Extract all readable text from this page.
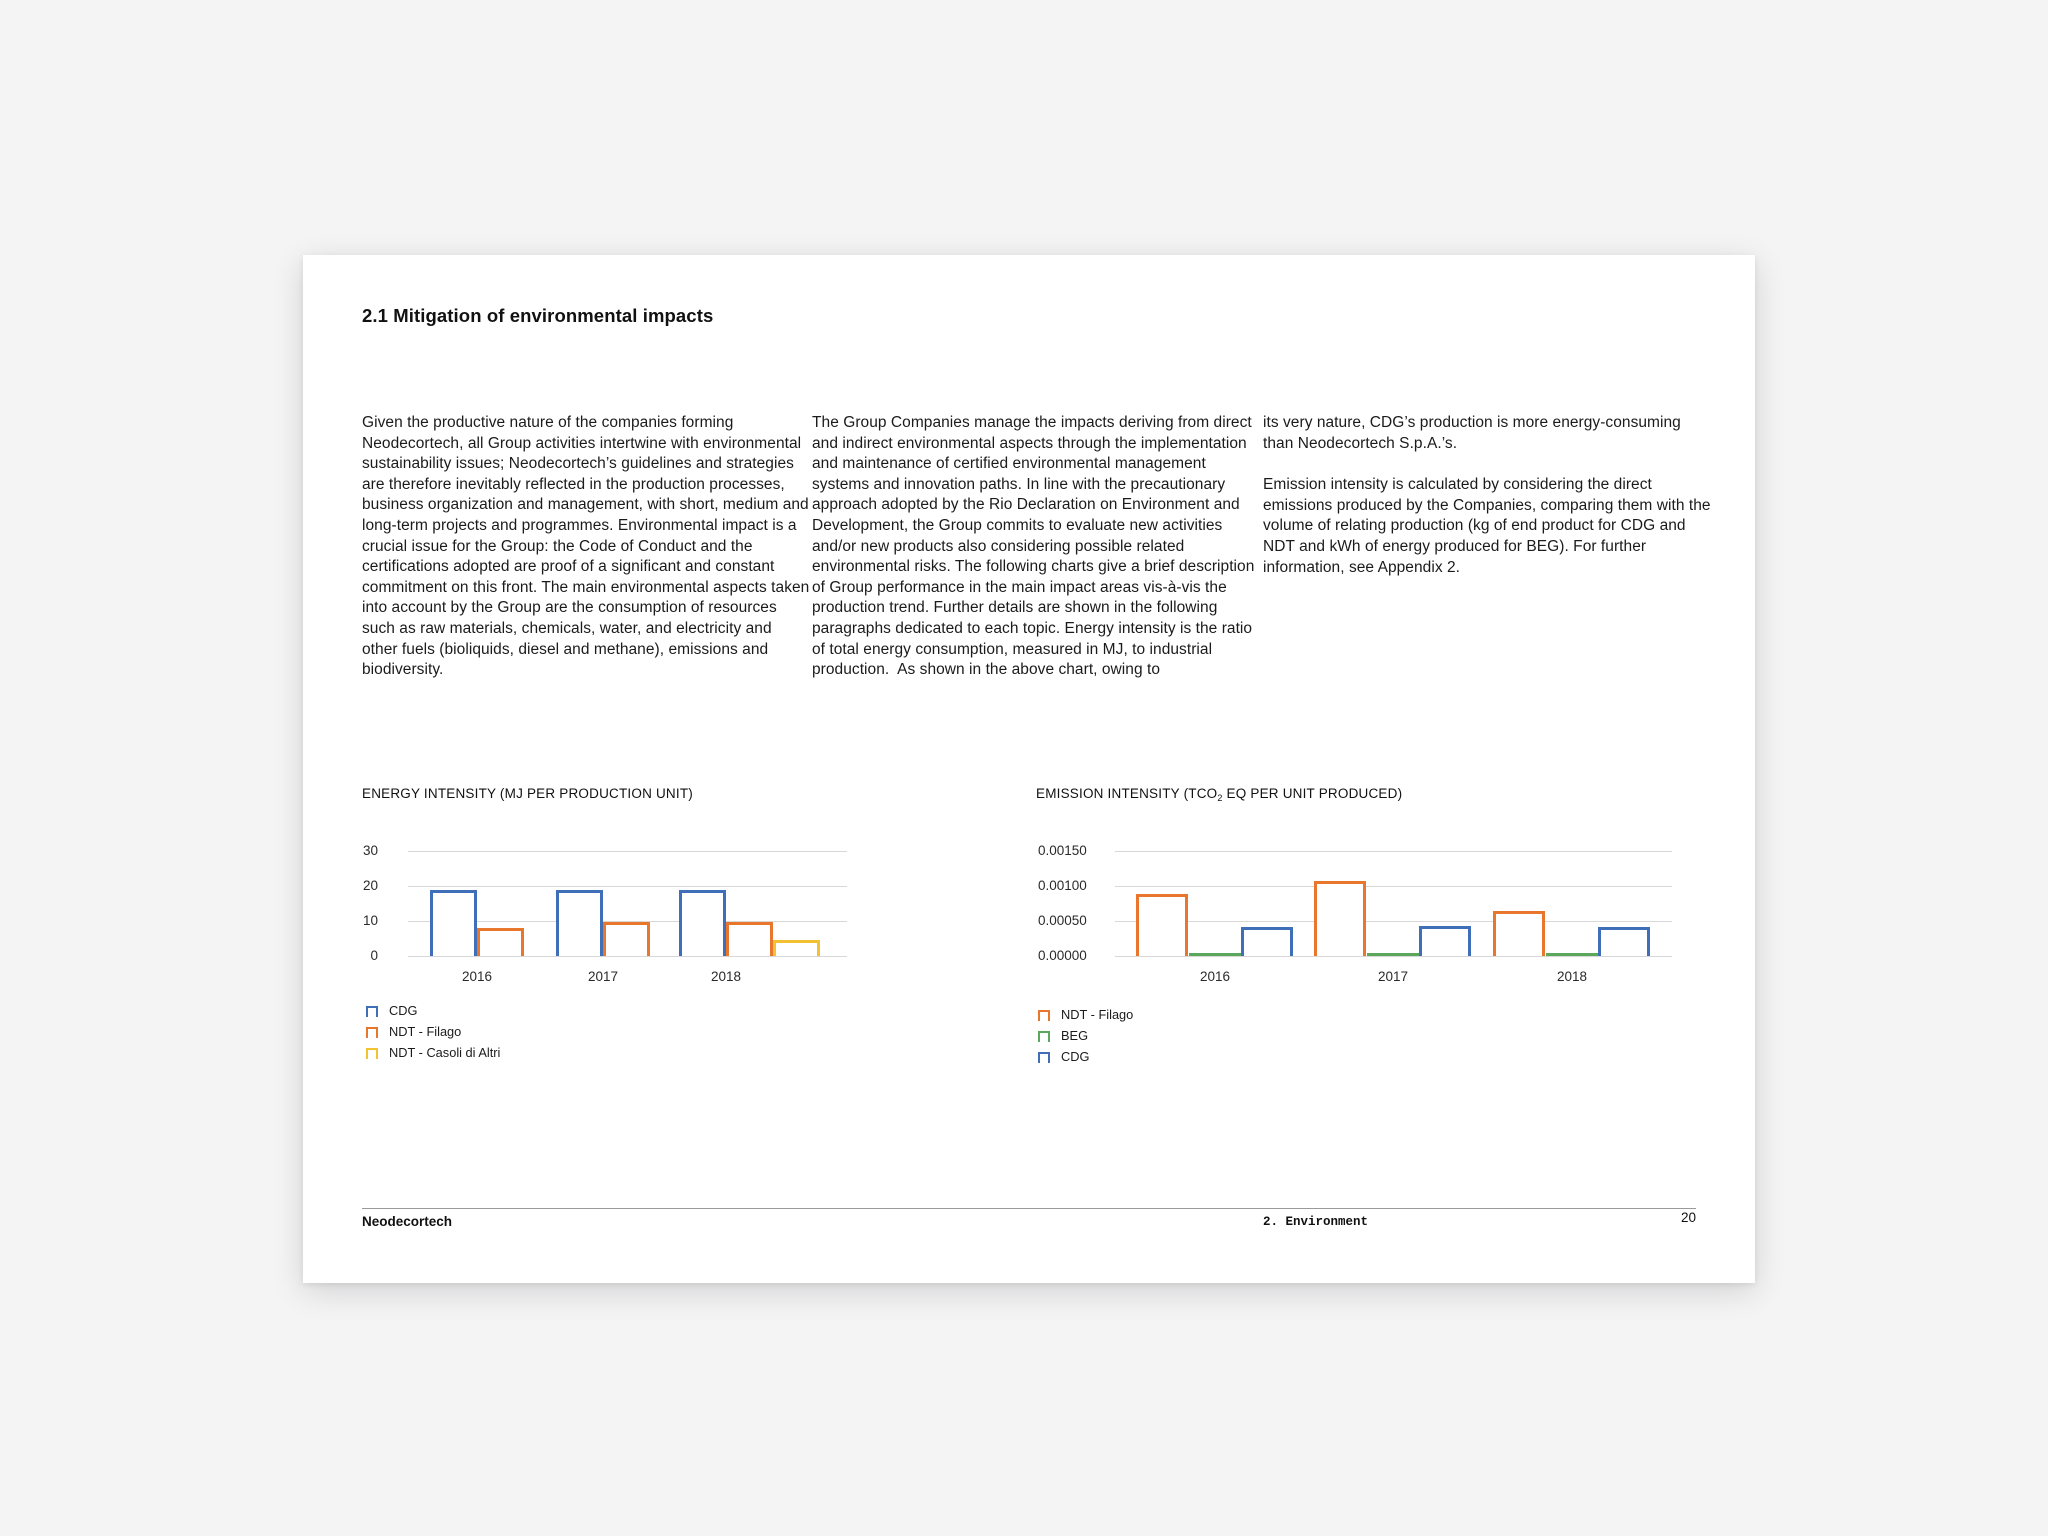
2.1 Mitigation of environmental impacts

Given the productive nature of the companies forming Neodecortech, all Group activities intertwine with environmental sustainability issues; Neodecortech’s guidelines and strategies are therefore inevitably reflected in the production processes, business organization and management, with short, medium and long-term projects and programmes. Environmental impact is a crucial issue for the Group: the Code of Conduct and the certifications adopted are proof of a significant and constant commitment on this front. The main environmental aspects taken into account by the Group are the consumption of resources such as raw materials, chemicals, water, and electricity and other fuels (bioliquids, diesel and methane), emissions and biodiversity.

The Group Companies manage the impacts deriving from direct and indirect environmental aspects through the implementation and maintenance of certified environmental management systems and innovation paths. In line with the precautionary approach adopted by the Rio Declaration on Environment and Development, the Group commits to evaluate new activities and/or new products also considering possible related environmental risks. The following charts give a brief description of Group performance in the main impact areas vis-à-vis the production trend. Further details are shown in the following paragraphs dedicated to each topic. Energy intensity is the ratio of total energy consumption, measured in MJ, to industrial production.  As shown in the above chart, owing to

its very nature, CDG’s production is more energy-consuming than Neodecortech S.p.A.’s.

Emission intensity is calculated by considering the direct emissions produced by the Companies, comparing them with the volume of relating production (kg of end product for CDG and NDT and kWh of energy produced for BEG). For further information, see Appendix 2.

ENERGY INTENSITY (MJ PER PRODUCTION UNIT)	EMISSION INTENSITY ($TCO_2$ EQ PER UNIT PRODUCED)
30
20
10
0
2016	2017	2018
0.00150
0.00100
0.00050
0.00000
2016	2017	2018
CDG
NDT - Filago
NDT - Casoli di Altri
NDT - Filago
BEG
CDG
Neodecortech	2. Environment	20
